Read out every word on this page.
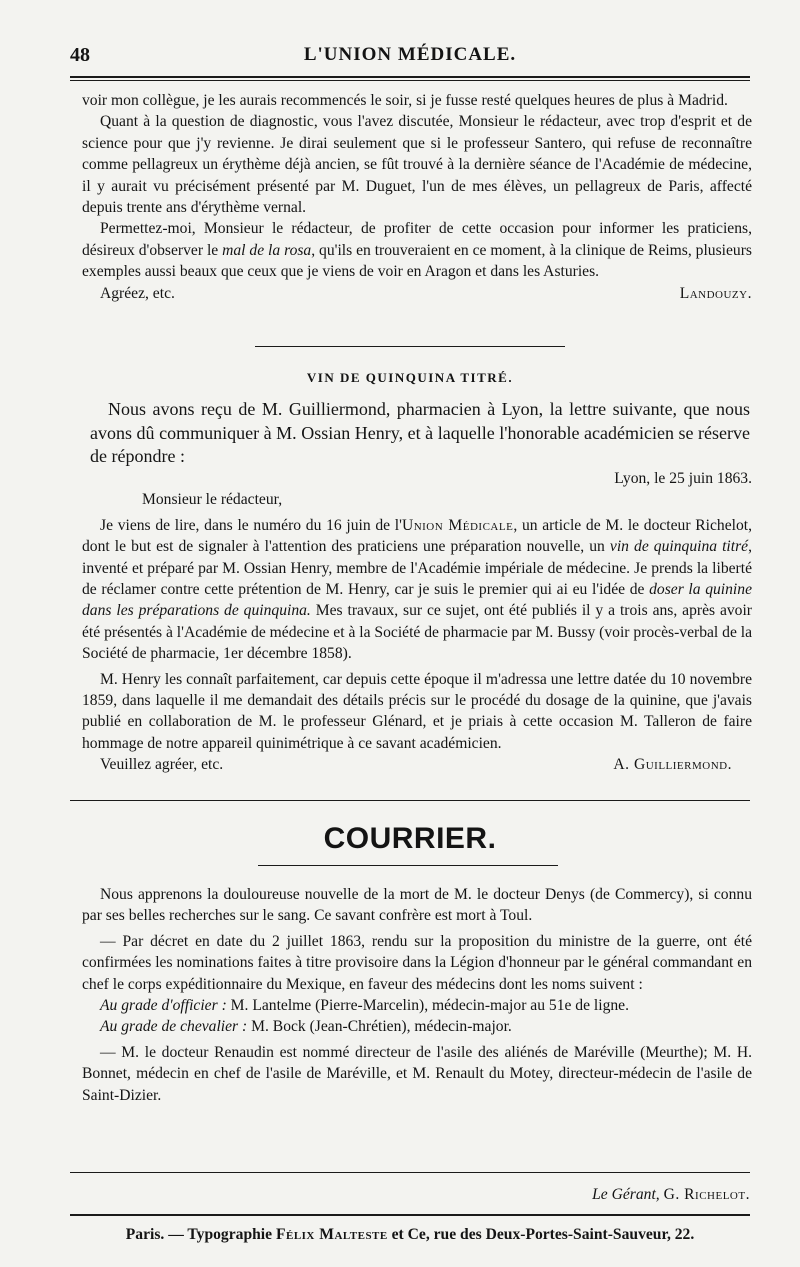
48	L'UNION MÉDICALE.

voir mon collègue, je les aurais recommencés le soir, si je fusse resté quelques heures de plus à Madrid.

Quant à la question de diagnostic, vous l'avez discutée, Monsieur le rédacteur, avec trop d'esprit et de science pour que j'y revienne. Je dirai seulement que si le professeur Santero, qui refuse de reconnaître comme pellagreux un érythème déjà ancien, se fût trouvé à la dernière séance de l'Académie de médecine, il y aurait vu précisément présenté par M. Duguet, l'un de mes élèves, un pellagreux de Paris, affecté depuis trente ans d'érythème vernal.

Permettez-moi, Monsieur le rédacteur, de profiter de cette occasion pour informer les praticiens, désireux d'observer le mal de la rosa, qu'ils en trouveraient en ce moment, à la clinique de Reims, plusieurs exemples aussi beaux que ceux que je viens de voir en Aragon et dans les Asturies.

Agréez, etc.	Landouzy.
VIN DE QUINQUINA TITRÉ.

Nous avons reçu de M. Guilliermond, pharmacien à Lyon, la lettre suivante, que nous avons dû communiquer à M. Ossian Henry, et à laquelle l'honorable académicien se réserve de répondre :

Lyon, le 25 juin 1863.

Monsieur le rédacteur,

Je viens de lire, dans le numéro du 16 juin de l'Union Médicale, un article de M. le docteur Richelot, dont le but est de signaler à l'attention des praticiens une préparation nouvelle, un vin de quinquina titré, inventé et préparé par M. Ossian Henry, membre de l'Académie impériale de médecine. Je prends la liberté de réclamer contre cette prétention de M. Henry, car je suis le premier qui ai eu l'idée de doser la quinine dans les préparations de quinquina. Mes travaux, sur ce sujet, ont été publiés il y a trois ans, après avoir été présentés à l'Académie de médecine et à la Société de pharmacie par M. Bussy (voir procès-verbal de la Société de pharmacie, 1er décembre 1858).

M. Henry les connaît parfaitement, car depuis cette époque il m'adressa une lettre datée du 10 novembre 1859, dans laquelle il me demandait des détails précis sur le procédé du dosage de la quinine, que j'avais publié en collaboration de M. le professeur Glénard, et je priais à cette occasion M. Talleron de faire hommage de notre appareil quinimétrique à ce savant académicien.

Veuillez agréer, etc.	A. Guilliermond.
COURRIER.

Nous apprenons la douloureuse nouvelle de la mort de M. le docteur Denys (de Commercy), si connu par ses belles recherches sur le sang. Ce savant confrère est mort à Toul.

— Par décret en date du 2 juillet 1863, rendu sur la proposition du ministre de la guerre, ont été confirmées les nominations faites à titre provisoire dans la Légion d'honneur par le général commandant en chef le corps expéditionnaire du Mexique, en faveur des médecins dont les noms suivent :

Au grade d'officier : M. Lantelme (Pierre-Marcelin), médecin-major au 51e de ligne.

Au grade de chevalier : M. Bock (Jean-Chrétien), médecin-major.

— M. le docteur Renaudin est nommé directeur de l'asile des aliénés de Maréville (Meurthe); M. H. Bonnet, médecin en chef de l'asile de Maréville, et M. Renault du Motey, directeur-médecin de l'asile de Saint-Dizier.

Le Gérant, G. Richelot.
Paris. — Typographie Félix Malteste et Ce, rue des Deux-Portes-Saint-Sauveur, 22.
